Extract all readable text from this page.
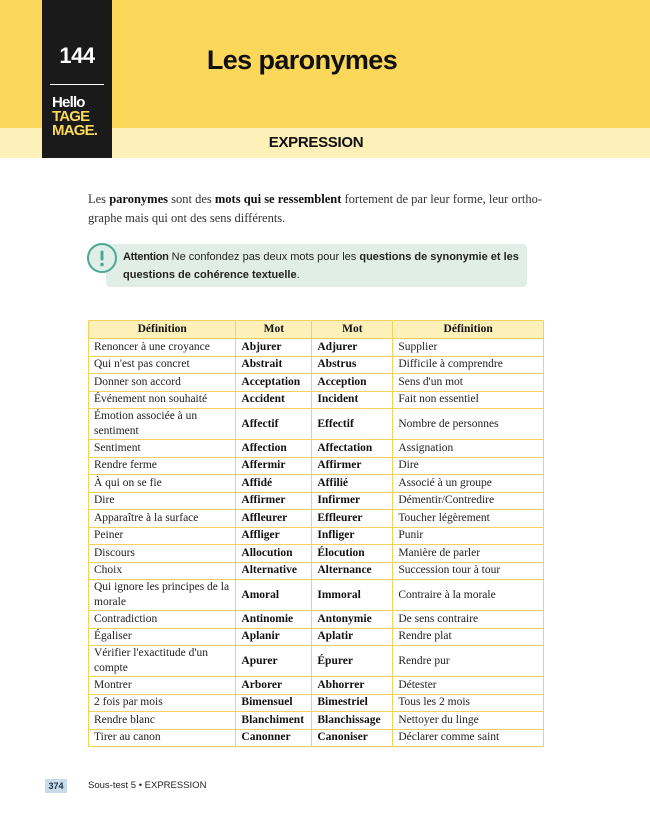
144
Hello
TAGE
MAGE.
Les paronymes
EXPRESSION
Les paronymes sont des mots qui se ressemblent fortement de par leur forme, leur ortho-graphe mais qui ont des sens différents.
Attention Ne confondez pas deux mots pour les questions de synonymie et les questions de cohérence textuelle.
Définition	Mot	Mot	Définition
Renoncer à une croyance	Abjurer	Adjurer	Supplier
Qui n'est pas concret	Abstrait	Abstrus	Difficile à comprendre
Donner son accord	Acceptation	Acception	Sens d'un mot
Événement non souhaité	Accident	Incident	Fait non essentiel
Émotion associée à un sentiment	Affectif	Effectif	Nombre de personnes
Sentiment	Affection	Affectation	Assignation
Rendre ferme	Affermir	Affirmer	Dire
À qui on se fie	Affidé	Affilié	Associé à un groupe
Dire	Affirmer	Infirmer	Démentir/Contredire
Apparaître à la surface	Affleurer	Effleurer	Toucher légèrement
Peiner	Affliger	Infliger	Punir
Discours	Allocution	Élocution	Manière de parler
Choix	Alternative	Alternance	Succession tour à tour
Qui ignore les principes de la morale	Amoral	Immoral	Contraire à la morale
Contradiction	Antinomie	Antonymie	De sens contraire
Égaliser	Aplanir	Aplatir	Rendre plat
Vérifier l'exactitude d'un compte	Apurer	Épurer	Rendre pur
Montrer	Arborer	Abhorrer	Détester
2 fois par mois	Bimensuel	Bimestriel	Tous les 2 mois
Rendre blanc	Blanchiment	Blanchissage	Nettoyer du linge
Tirer au canon	Canonner	Canoniser	Déclarer comme saint
374	Sous-test 5 • EXPRESSION
